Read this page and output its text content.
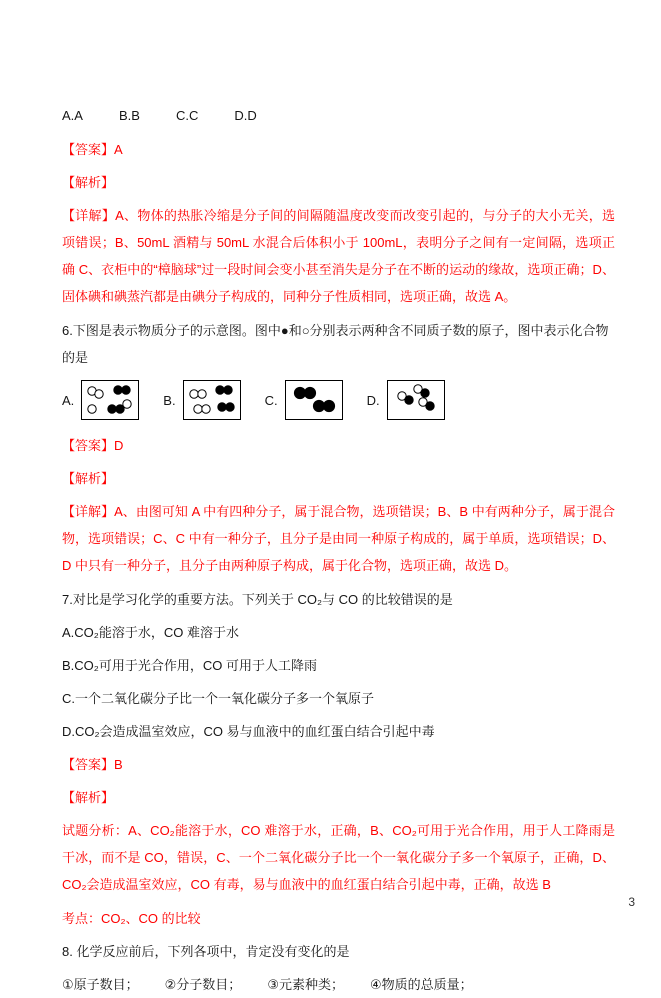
A.A	B.B	C.C	D.D

【答案】A

【解析】

【详解】A、物体的热胀冷缩是分子间的间隔随温度改变而改变引起的，与分子的大小无关，选项错误；B、50mL 酒精与 50mL 水混合后体积小于 100mL，表明分子之间有一定间隔，选项正确 C、衣柜中的“樟脑球”过一段时间会变小甚至消失是分子在不断的运动的缘故，选项正确；D、固体碘和碘蒸汽都是由碘分子构成的，同种分子性质相同，选项正确，故选 A。

6.下图是表示物质分子的示意图。图中●和○分别表示两种含不同质子数的原子，图中表示化合物的是

A.	B.	C.	D.

【答案】D

【解析】

【详解】A、由图可知 A 中有四种分子，属于混合物，选项错误；B、B 中有两种分子，属于混合物，选项错误；C、C 中有一种分子，且分子是由同一种原子构成的，属于单质，选项错误；D、D 中只有一种分子，且分子由两种原子构成，属于化合物，选项正确，故选 D。

7.对比是学习化学的重要方法。下列关于 CO₂与 CO 的比较错误的是

A.CO₂能溶于水，CO 难溶于水

B.CO₂可用于光合作用，CO 可用于人工降雨

C.一个二氧化碳分子比一个一氧化碳分子多一个氧原子

D.CO₂会造成温室效应，CO 易与血液中的血红蛋白结合引起中毒

【答案】B

【解析】

试题分析：A、CO₂能溶于水，CO 难溶于水，正确，B、CO₂可用于光合作用，用于人工降雨是干冰，而不是 CO，错误，C、一个二氧化碳分子比一个一氧化碳分子多一个氧原子，正确，D、CO₂会造成温室效应，CO 有毒，易与血液中的血红蛋白结合引起中毒，正确，故选 B

考点：CO₂、CO 的比较

8. 化学反应前后，下列各项中，肯定没有变化的是

①原子数目； ②分子数目； ③元素种类； ④物质的总质量；
3
